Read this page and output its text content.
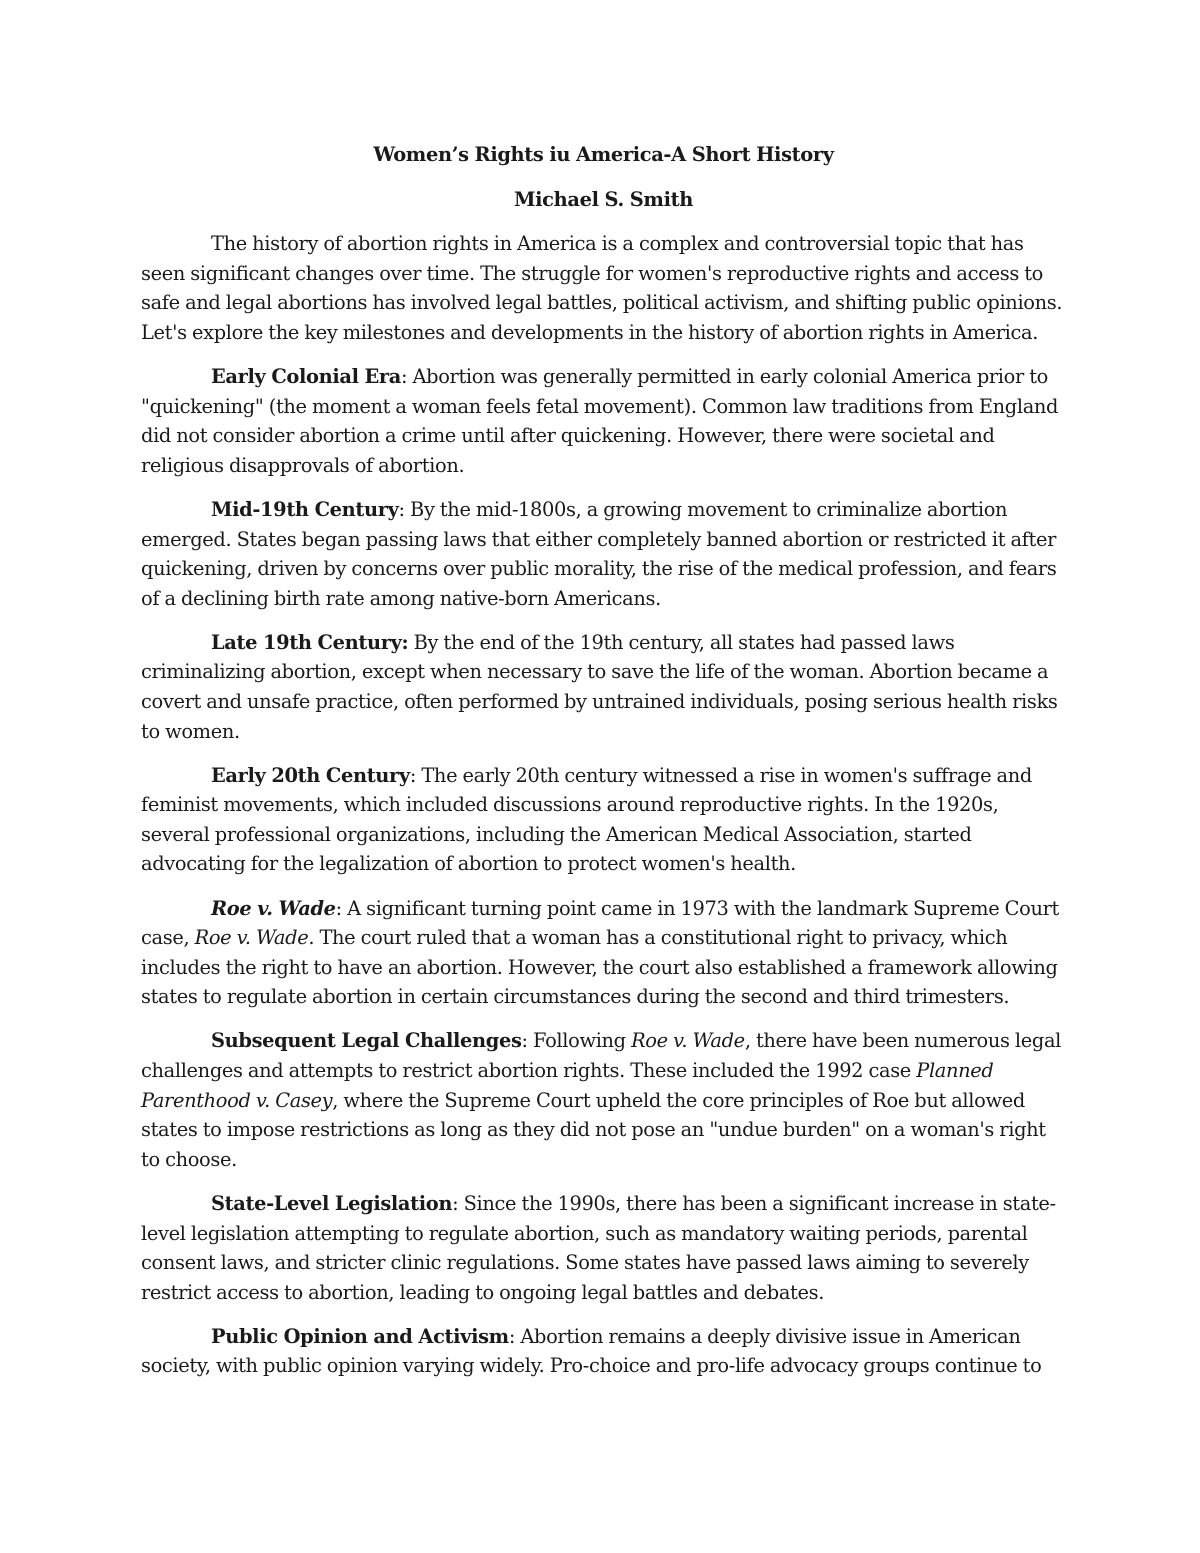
Women’s Rights iu America-A Short History
Michael S. Smith

The history of abortion rights in America is a complex and controversial topic that has seen significant changes over time. The struggle for women's reproductive rights and access to safe and legal abortions has involved legal battles, political activism, and shifting public opinions. Let's explore the key milestones and developments in the history of abortion rights in America.

Early Colonial Era: Abortion was generally permitted in early colonial America prior to "quickening" (the moment a woman feels fetal movement). Common law traditions from England did not consider abortion a crime until after quickening. However, there were societal and religious disapprovals of abortion.

Mid-19th Century: By the mid-1800s, a growing movement to criminalize abortion emerged. States began passing laws that either completely banned abortion or restricted it after quickening, driven by concerns over public morality, the rise of the medical profession, and fears of a declining birth rate among native-born Americans.

Late 19th Century: By the end of the 19th century, all states had passed laws criminalizing abortion, except when necessary to save the life of the woman. Abortion became a covert and unsafe practice, often performed by untrained individuals, posing serious health risks to women.

Early 20th Century: The early 20th century witnessed a rise in women's suffrage and feminist movements, which included discussions around reproductive rights. In the 1920s, several professional organizations, including the American Medical Association, started advocating for the legalization of abortion to protect women's health.

Roe v. Wade: A significant turning point came in 1973 with the landmark Supreme Court case, Roe v. Wade. The court ruled that a woman has a constitutional right to privacy, which includes the right to have an abortion. However, the court also established a framework allowing states to regulate abortion in certain circumstances during the second and third trimesters.

Subsequent Legal Challenges: Following Roe v. Wade, there have been numerous legal challenges and attempts to restrict abortion rights. These included the 1992 case Planned Parenthood v. Casey, where the Supreme Court upheld the core principles of Roe but allowed states to impose restrictions as long as they did not pose an "undue burden" on a woman's right to choose.

State-Level Legislation: Since the 1990s, there has been a significant increase in state-level legislation attempting to regulate abortion, such as mandatory waiting periods, parental consent laws, and stricter clinic regulations. Some states have passed laws aiming to severely restrict access to abortion, leading to ongoing legal battles and debates.

Public Opinion and Activism: Abortion remains a deeply divisive issue in American society, with public opinion varying widely. Pro-choice and pro-life advocacy groups continue to
